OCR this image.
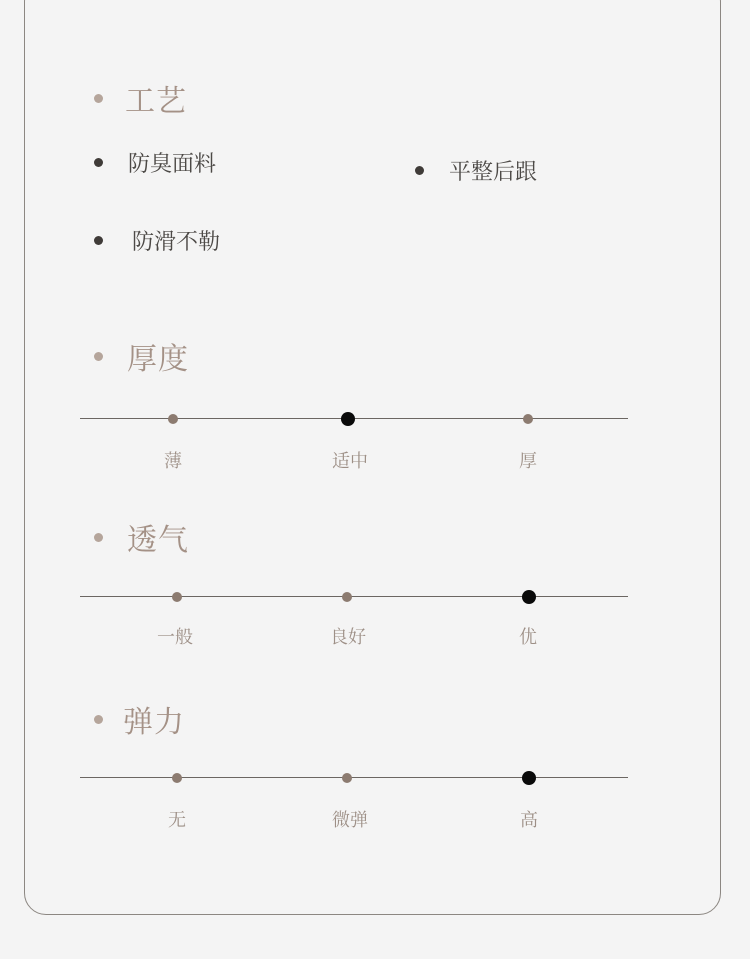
工艺
防臭面料	平整后跟
防滑不勒
厚度
薄	适中	厚
透气
一般	良好	优
弹力
无	微弹	高
